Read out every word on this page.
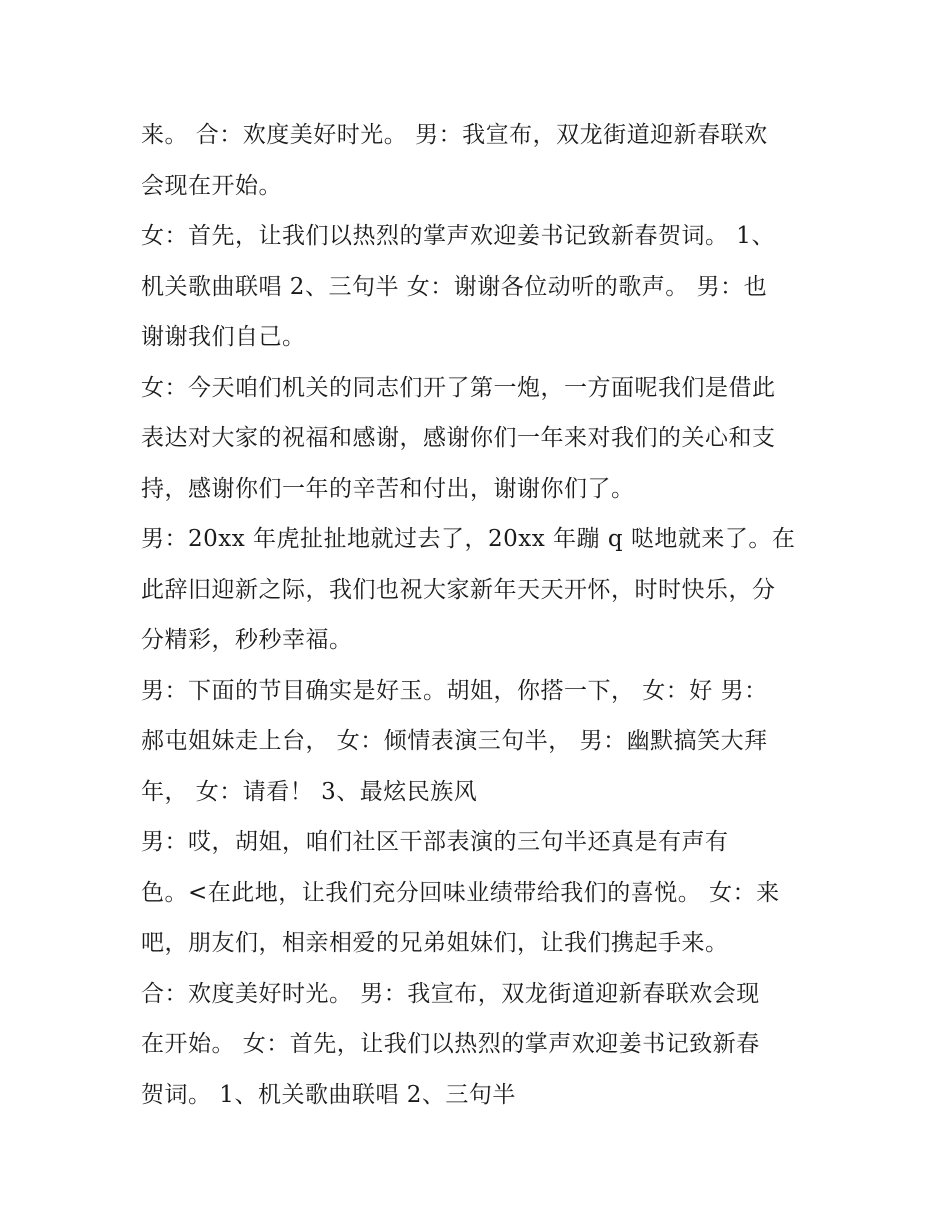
来。 合：欢度美好时光。 男：我宣布，双龙街道迎新春联欢
会现在开始。

女：首先，让我们以热烈的掌声欢迎姜书记致新春贺词。 1、
机关歌曲联唱 2、三句半 女：谢谢各位动听的歌声。 男：也
谢谢我们自己。

女：今天咱们机关的同志们开了第一炮，一方面呢我们是借此
表达对大家的祝福和感谢，感谢你们一年来对我们的关心和支
持，感谢你们一年的辛苦和付出，谢谢你们了。

男：20xx 年虎扯扯地就过去了，20xx 年蹦 q 哒地就来了。在
此辞旧迎新之际，我们也祝大家新年天天开怀，时时快乐，分
分精彩，秒秒幸福。

男：下面的节目确实是好玉。胡姐，你搭一下， 女：好 男：
郝屯姐妹走上台， 女：倾情表演三句半， 男：幽默搞笑大拜
年， 女：请看！ 3、最炫民族风

男：哎，胡姐，咱们社区干部表演的三句半还真是有声有
色。<在此地，让我们充分回味业绩带给我们的喜悦。 女：来
吧，朋友们，相亲相爱的兄弟姐妹们，让我们携起手来。

合：欢度美好时光。 男：我宣布，双龙街道迎新春联欢会现
在开始。 女：首先，让我们以热烈的掌声欢迎姜书记致新春
贺词。 1、机关歌曲联唱 2、三句半
